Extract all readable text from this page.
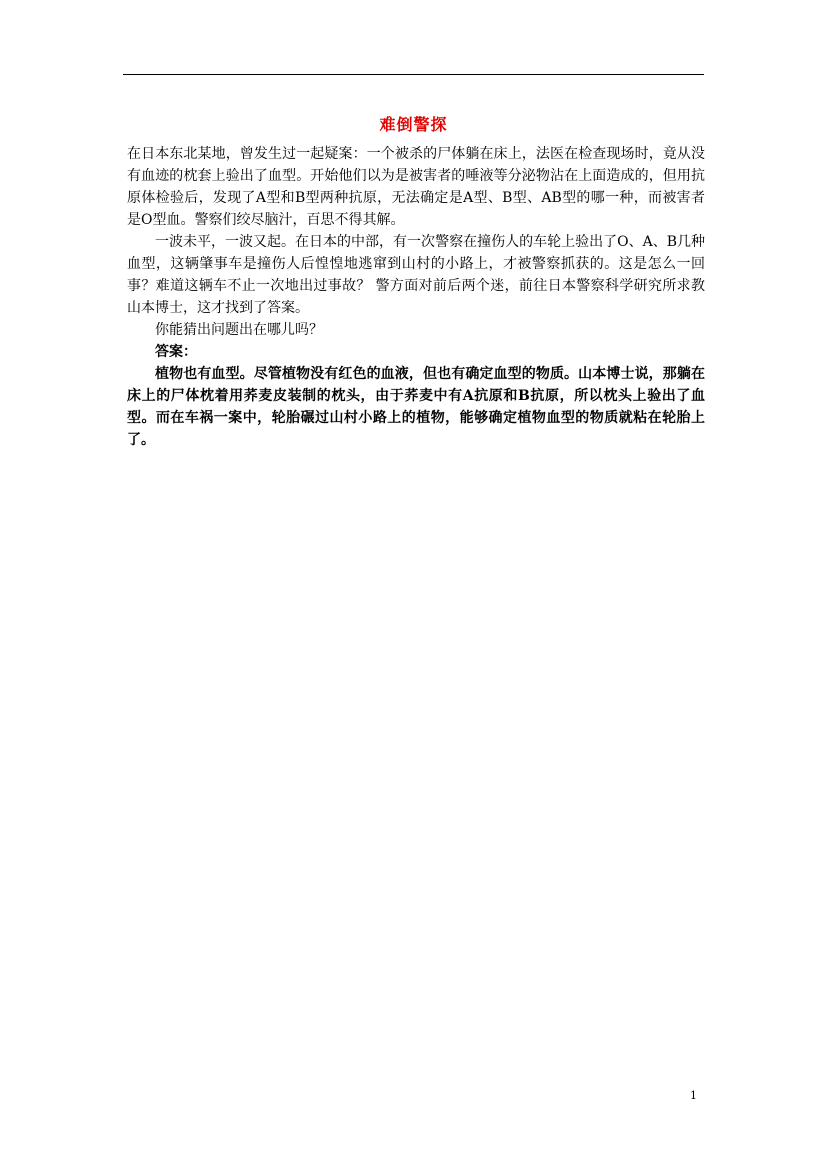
难倒警探

在日本东北某地，曾发生过一起疑案：一个被杀的尸体躺在床上，法医在检查现场时，竟从没有血迹的枕套上验出了血型。开始他们以为是被害者的唾液等分泌物沾在上面造成的，但用抗原体检验后，发现了A型和B型两种抗原，无法确定是A型、B型、AB型的哪一种，而被害者是O型血。警察们绞尽脑汁，百思不得其解。

一波未平，一波又起。在日本的中部，有一次警察在撞伤人的车轮上验出了O、A、B几种血型，这辆肇事车是撞伤人后惶惶地逃窜到山村的小路上，才被警察抓获的。这是怎么一回事？难道这辆车不止一次地出过事故？ 警方面对前后两个迷，前往日本警察科学研究所求教山本博士，这才找到了答案。

你能猜出问题出在哪儿吗？

答案：

植物也有血型。尽管植物没有红色的血液，但也有确定血型的物质。山本博士说，那躺在床上的尸体枕着用荞麦皮装制的枕头，由于荞麦中有A抗原和B抗原，所以枕头上验出了血型。而在车祸一案中，轮胎碾过山村小路上的植物，能够确定植物血型的物质就粘在轮胎上了。

1
